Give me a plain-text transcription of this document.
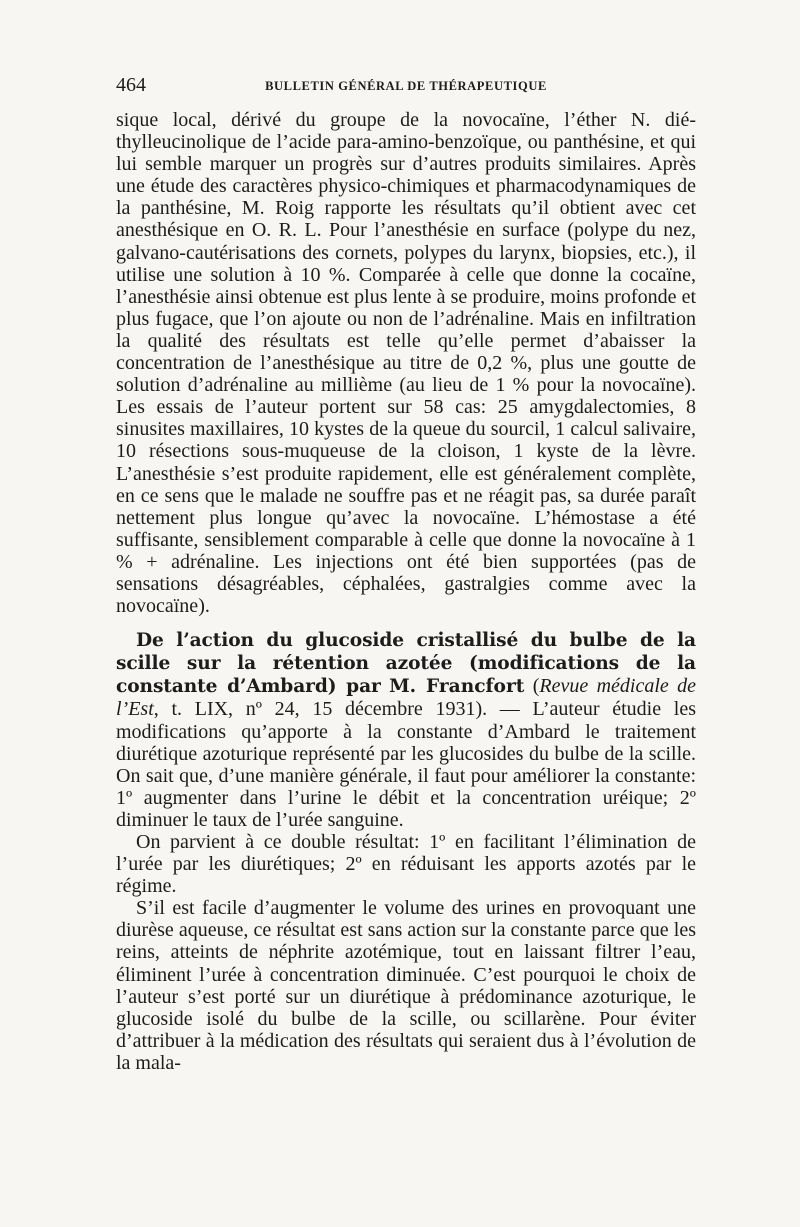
464	BULLETIN GÉNÉRAL DE THÉRAPEUTIQUE

sique local, dérivé du groupe de la novocaïne, l’éther N. diéthylleucinolique de l’acide para-amino-benzoïque, ou panthésine, et qui lui semble marquer un progrès sur d’autres produits similaires. Après une étude des caractères physico-chimiques et pharmacodynamiques de la panthésine, M. Roig rapporte les résultats qu’il obtient avec cet anesthésique en O. R. L. Pour l’anesthésie en surface (polype du nez, galvano-cautérisations des cornets, polypes du larynx, biopsies, etc.), il utilise une solution à 10 %. Comparée à celle que donne la cocaïne, l’anesthésie ainsi obtenue est plus lente à se produire, moins profonde et plus fugace, que l’on ajoute ou non de l’adrénaline. Mais en infiltration la qualité des résultats est telle qu’elle permet d’abaisser la concentration de l’anesthésique au titre de 0,2 %, plus une goutte de solution d’adrénaline au millième (au lieu de 1 % pour la novocaïne). Les essais de l’auteur portent sur 58 cas: 25 amygdalectomies, 8 sinusites maxillaires, 10 kystes de la queue du sourcil, 1 calcul salivaire, 10 résections sous-muqueuse de la cloison, 1 kyste de la lèvre. L’anesthésie s’est produite rapidement, elle est généralement complète, en ce sens que le malade ne souffre pas et ne réagit pas, sa durée paraît nettement plus longue qu’avec la novocaïne. L’hémostase a été suffisante, sensiblement comparable à celle que donne la novocaïne à 1 % + adrénaline. Les injections ont été bien supportées (pas de sensations désagréables, céphalées, gastralgies comme avec la novocaïne).

De l’action du glucoside cristallisé du bulbe de la scille sur la rétention azotée (modifications de la constante d’Ambard) par M. Francfort (Revue médicale de l’Est, t. LIX, nº 24, 15 décembre 1931). — L’auteur étudie les modifications qu’apporte à la constante d’Ambard le traitement diurétique azoturique représenté par les glucosides du bulbe de la scille. On sait que, d’une manière générale, il faut pour améliorer la constante: 1º augmenter dans l’urine le débit et la concentration uréique; 2º diminuer le taux de l’urée sanguine.

On parvient à ce double résultat: 1º en facilitant l’élimination de l’urée par les diurétiques; 2º en réduisant les apports azotés par le régime.

S’il est facile d’augmenter le volume des urines en provoquant une diurèse aqueuse, ce résultat est sans action sur la constante parce que les reins, atteints de néphrite azotémique, tout en laissant filtrer l’eau, éliminent l’urée à concentration diminuée. C’est pourquoi le choix de l’auteur s’est porté sur un diurétique à prédominance azoturique, le glucoside isolé du bulbe de la scille, ou scillarène. Pour éviter d’attribuer à la médication des résultats qui seraient dus à l’évolution de la mala-
